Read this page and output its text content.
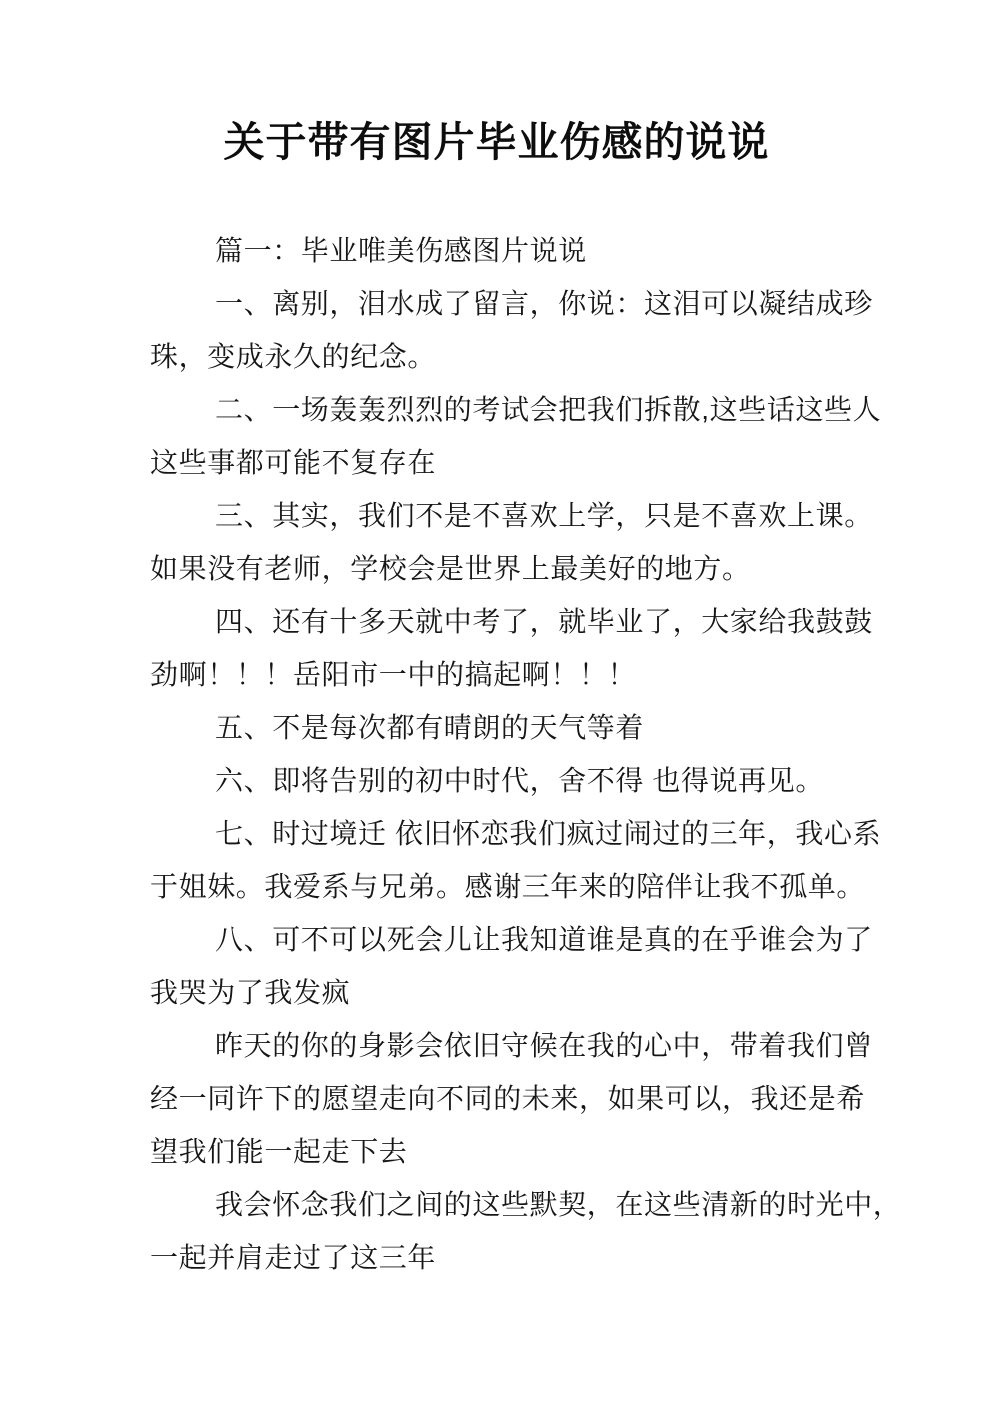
关于带有图片毕业伤感的说说
篇一：毕业唯美伤感图片说说
一、离别，泪水成了留言，你说：这泪可以凝结成珍
珠，变成永久的纪念。
二、一场轰轰烈烈的考试会把我们拆散,这些话这些人
这些事都可能不复存在
三、其实，我们不是不喜欢上学，只是不喜欢上课。
如果没有老师，学校会是世界上最美好的地方。
四、还有十多天就中考了，就毕业了，大家给我鼓鼓
劲啊！！！岳阳市一中的搞起啊！！！
五、不是每次都有晴朗的天气等着
六、即将告别的初中时代，舍不得 也得说再见。
七、时过境迁 依旧怀恋我们疯过闹过的三年，我心系
于姐妹。我爱系与兄弟。感谢三年来的陪伴让我不孤单。
八、可不可以死会儿让我知道谁是真的在乎谁会为了
我哭为了我发疯
昨天的你的身影会依旧守候在我的心中，带着我们曾
经一同许下的愿望走向不同的未来，如果可以，我还是希
望我们能一起走下去
我会怀念我们之间的这些默契，在这些清新的时光中，
一起并肩走过了这三年
